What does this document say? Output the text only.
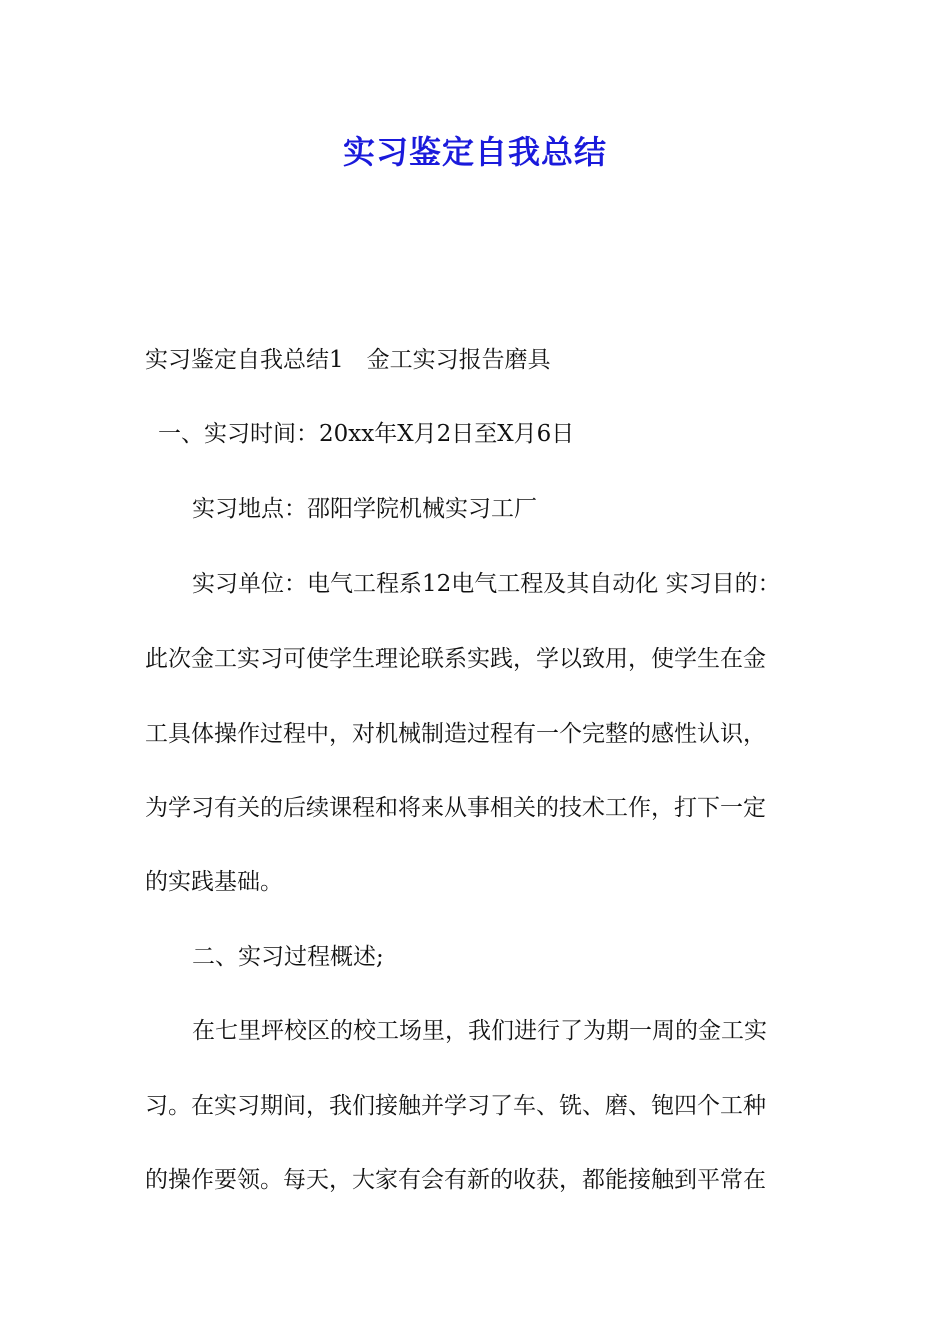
实习鉴定自我总结

实习鉴定自我总结1　金工实习报告磨具

一、实习时间：20xx年X月2日至X月6日

实习地点：邵阳学院机械实习工厂

实习单位：电气工程系12电气工程及其自动化 实习目的：

此次金工实习可使学生理论联系实践，学以致用，使学生在金

工具体操作过程中，对机械制造过程有一个完整的感性认识，

为学习有关的后续课程和将来从事相关的技术工作，打下一定

的实践基础。

二、实习过程概述;

在七里坪校区的校工场里，我们进行了为期一周的金工实

习。在实习期间，我们接触并学习了车、铣、磨、铇四个工种

的操作要领。每天，大家有会有新的收获，都能接触到平常在
